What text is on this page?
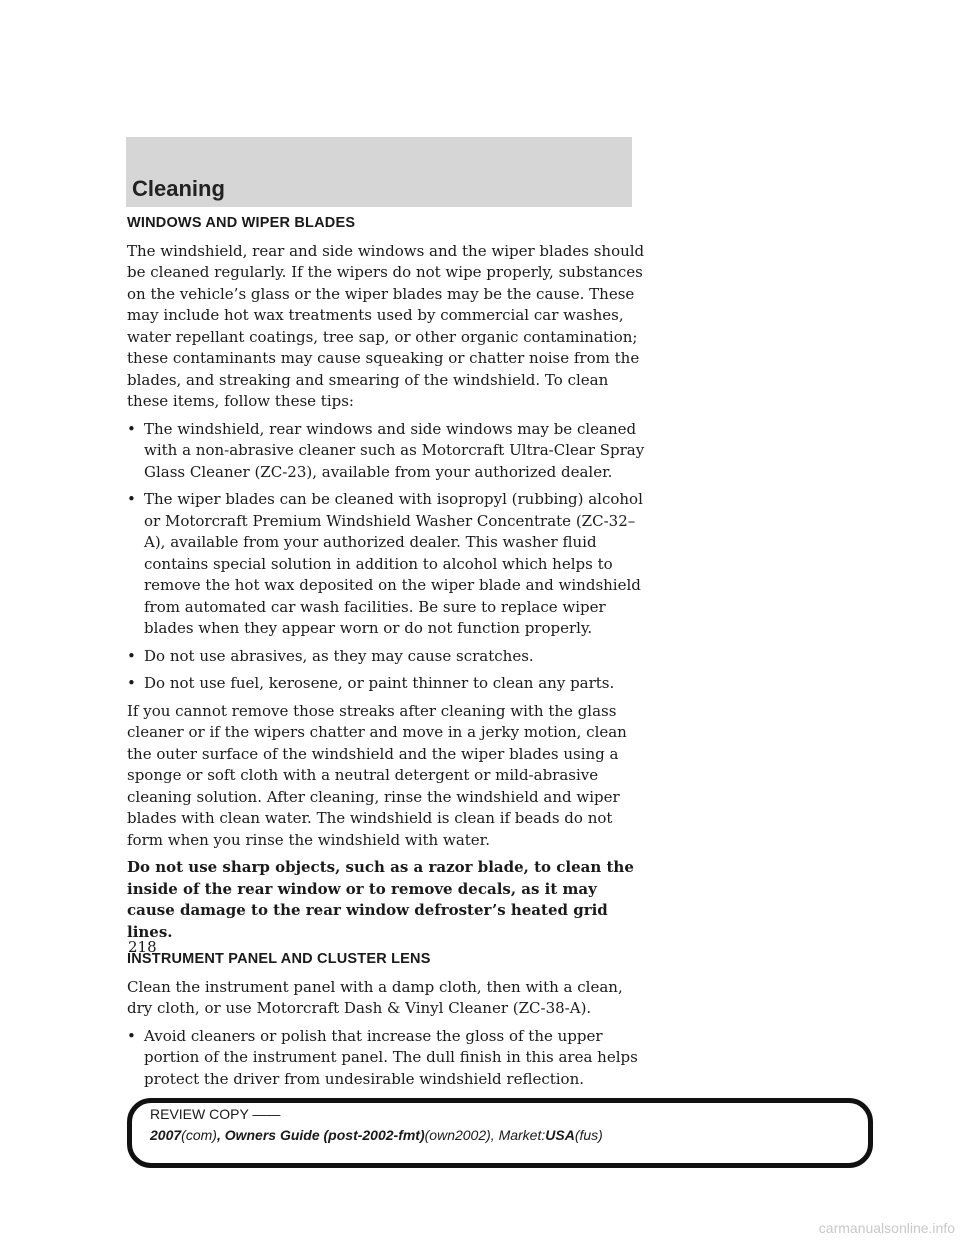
Cleaning
WINDOWS AND WIPER BLADES

The windshield, rear and side windows and the wiper blades should be cleaned regularly. If the wipers do not wipe properly, substances on the vehicle’s glass or the wiper blades may be the cause. These may include hot wax treatments used by commercial car washes, water repellant coatings, tree sap, or other organic contamination; these contaminants may cause squeaking or chatter noise from the blades, and streaking and smearing of the windshield. To clean these items, follow these tips:

• The windshield, rear windows and side windows may be cleaned with a non-abrasive cleaner such as Motorcraft Ultra-Clear Spray Glass Cleaner (ZC-23), available from your authorized dealer.
• The wiper blades can be cleaned with isopropyl (rubbing) alcohol or Motorcraft Premium Windshield Washer Concentrate (ZC-32–A), available from your authorized dealer. This washer fluid contains special solution in addition to alcohol which helps to remove the hot wax deposited on the wiper blade and windshield from automated car wash facilities. Be sure to replace wiper blades when they appear worn or do not function properly.
• Do not use abrasives, as they may cause scratches.
• Do not use fuel, kerosene, or paint thinner to clean any parts.

If you cannot remove those streaks after cleaning with the glass cleaner or if the wipers chatter and move in a jerky motion, clean the outer surface of the windshield and the wiper blades using a sponge or soft cloth with a neutral detergent or mild-abrasive cleaning solution. After cleaning, rinse the windshield and wiper blades with clean water. The windshield is clean if beads do not form when you rinse the windshield with water.

Do not use sharp objects, such as a razor blade, to clean the inside of the rear window or to remove decals, as it may cause damage to the rear window defroster’s heated grid lines.

INSTRUMENT PANEL AND CLUSTER LENS

Clean the instrument panel with a damp cloth, then with a clean, dry cloth, or use Motorcraft Dash & Vinyl Cleaner (ZC-38-A).

• Avoid cleaners or polish that increase the gloss of the upper portion of the instrument panel. The dull finish in this area helps protect the driver from undesirable windshield reflection.
218
REVIEW COPY ——
2007(com), Owners Guide (post-2002-fmt)(own2002), Market:USA(fus)
carmanualsonline.info
